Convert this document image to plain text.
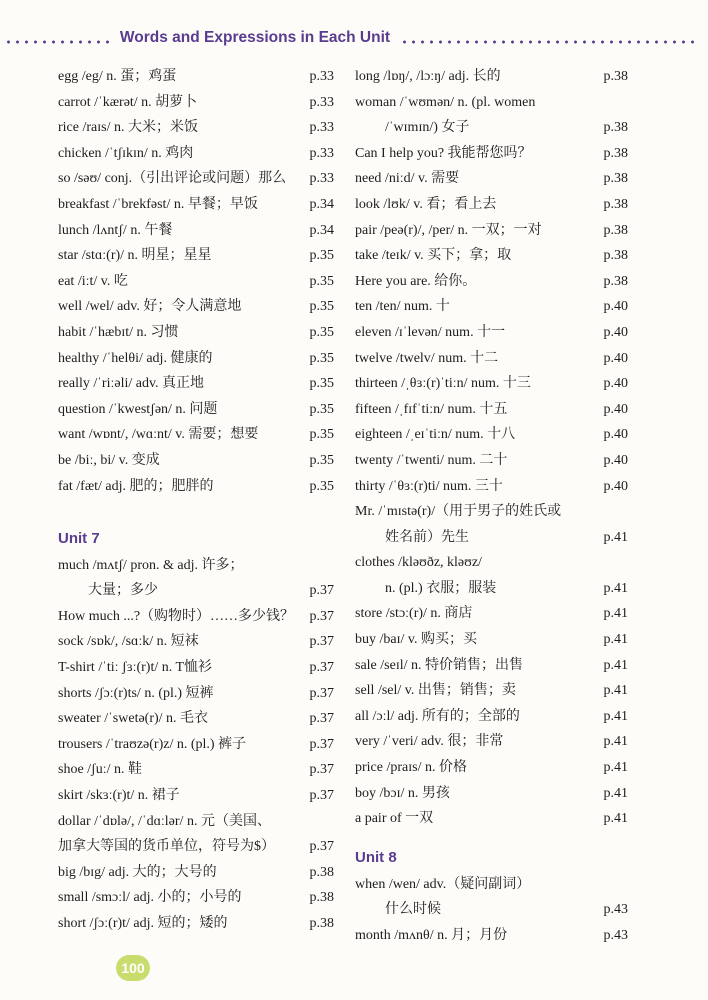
Words and Expressions in Each Unit
egg /eg/ n. 蛋；鸡蛋	p.33
carrot /ˈkærət/ n. 胡萝卜	p.33
rice /raɪs/ n. 大米；米饭	p.33
chicken /ˈtʃɪkɪn/ n. 鸡肉	p.33
so /səʊ/ conj.（引出评论或问题）那么 p.33
breakfast /ˈbrekfəst/ n. 早餐；早饭	p.34
lunch /lʌntʃ/ n. 午餐	p.34
star /stɑː(r)/ n. 明星；星星	p.35
eat /iːt/ v. 吃	p.35
well /wel/ adv. 好；令人满意地	p.35
habit /ˈhæbɪt/ n. 习惯	p.35
healthy /ˈhelθi/ adj. 健康的	p.35
really /ˈriːəli/ adv. 真正地	p.35
question /ˈkwestʃən/ n. 问题	p.35
want /wɒnt/, /wɑːnt/ v. 需要；想要	p.35
be /biː, bi/ v. 变成	p.35
fat /fæt/ adj. 肥的；肥胖的	p.35
Unit 7
much /mʌtʃ/ pron. & adj. 许多；
大量；多少	p.37
How much ...?（购物时）……多少钱？ p.37
sock /sɒk/, /sɑːk/ n. 短袜	p.37
T-shirt /ˈtiː ʃɜː(r)t/ n. T恤衫	p.37
shorts /ʃɔː(r)ts/ n. (pl.) 短裤	p.37
sweater /ˈswetə(r)/ n. 毛衣	p.37
trousers /ˈtraʊzə(r)z/ n. (pl.) 裤子	p.37
shoe /ʃuː/ n. 鞋	p.37
skirt /skɜː(r)t/ n. 裙子	p.37
dollar /ˈdɒlə/, /ˈdɑːlər/ n. 元（美国、
加拿大等国的货币单位，符号为$） p.37
big /bɪg/ adj. 大的；大号的	p.38
small /smɔːl/ adj. 小的；小号的	p.38
short /ʃɔː(r)t/ adj. 短的；矮的	p.38
long /lɒŋ/, /lɔːŋ/ adj. 长的	p.38
woman /ˈwʊmən/ n. (pl. women
/ˈwɪmɪn/) 女子	p.38
Can I help you? 我能帮您吗？	p.38
need /niːd/ v. 需要	p.38
look /lʊk/ v. 看；看上去	p.38
pair /peə(r)/, /per/ n. 一双；一对	p.38
take /teɪk/ v. 买下；拿；取	p.38
Here you are. 给你。	p.38
ten /ten/ num. 十	p.40
eleven /ɪˈlevən/ num. 十一	p.40
twelve /twelv/ num. 十二	p.40
thirteen /ˌθɜː(r)ˈtiːn/ num. 十三	p.40
fifteen /ˌfɪfˈtiːn/ num. 十五	p.40
eighteen /ˌeɪˈtiːn/ num. 十八	p.40
twenty /ˈtwenti/ num. 二十	p.40
thirty /ˈθɜː(r)ti/ num. 三十	p.40
Mr. /ˈmɪstə(r)/（用于男子的姓氏或
姓名前）先生	p.41
clothes /kləʊðz, kləʊz/
n. (pl.) 衣服；服装	p.41
store /stɔː(r)/ n. 商店	p.41
buy /baɪ/ v. 购买；买	p.41
sale /seɪl/ n. 特价销售；出售	p.41
sell /sel/ v. 出售；销售；卖	p.41
all /ɔːl/ adj. 所有的；全部的	p.41
very /ˈveri/ adv. 很；非常	p.41
price /praɪs/ n. 价格	p.41
boy /bɔɪ/ n. 男孩	p.41
a pair of 一双	p.41
Unit 8
when /wen/ adv.（疑问副词）
什么时候	p.43
month /mʌnθ/ n. 月；月份	p.43
100
